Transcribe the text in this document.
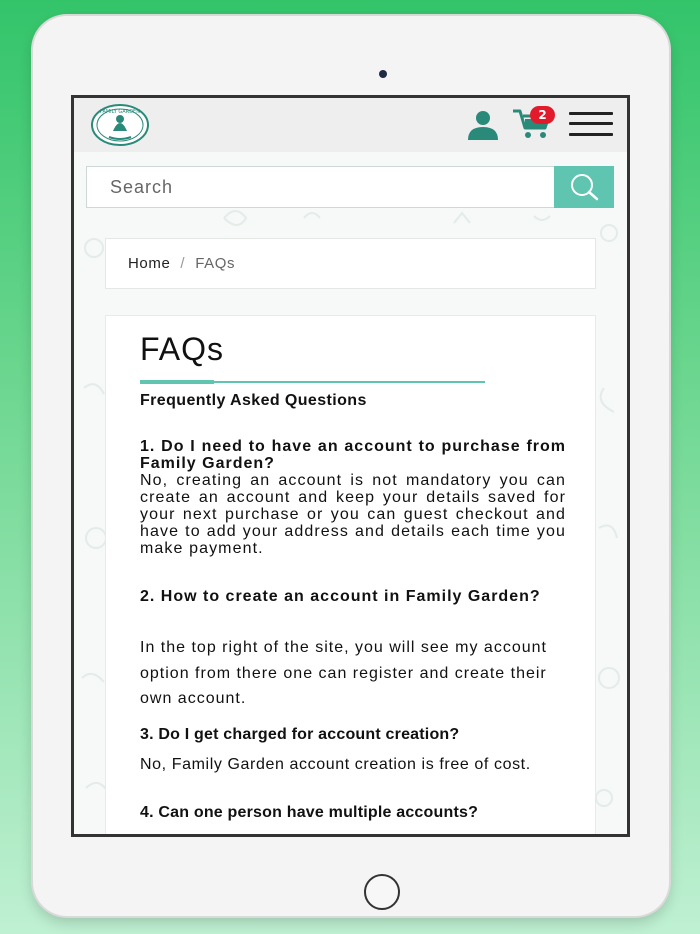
FAMILY GARDEN	2
Search
Home / FAQs
FAQs

Frequently Asked Questions

1. Do I need to have an account to purchase from Family Garden?

No, creating an account is not mandatory you can create an account and keep your details saved for your next purchase or you can guest checkout and have to add your address and details each time you make payment.

2. How to create an account in Family Garden?

In the top right of the site, you will see my account option from there one can register and create their own account.

3. Do I get charged for account creation?

No, Family Garden account creation is free of cost.

4. Can one person have multiple accounts?
